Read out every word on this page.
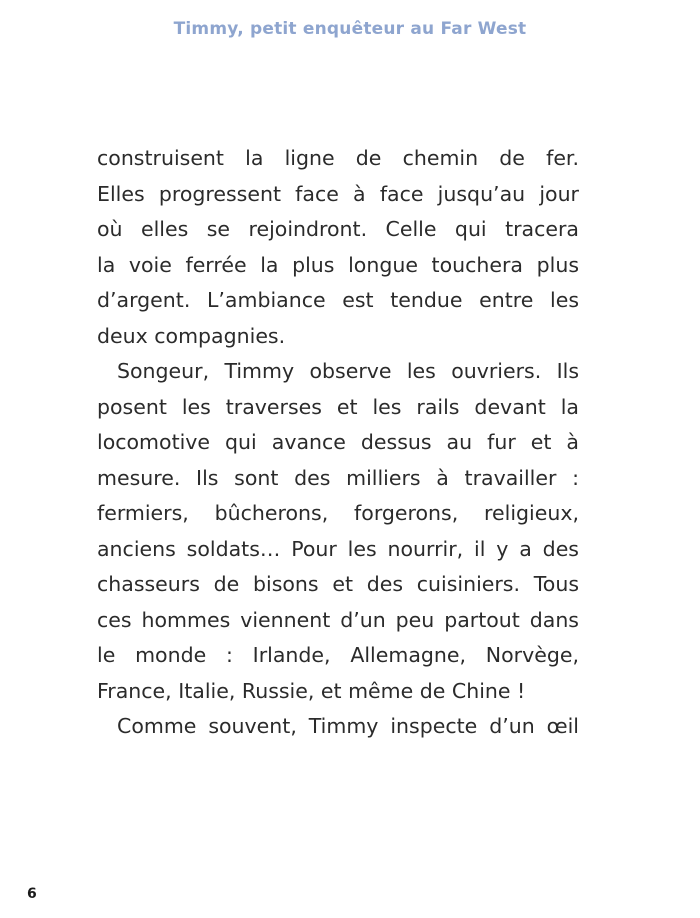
Timmy, petit enquêteur au Far West
construisent la ligne de chemin de fer.
Elles progressent face à face jusqu’au jour
où elles se rejoindront. Celle qui tracera
la voie ferrée la plus longue touchera plus
d’argent. L’ambiance est tendue entre les
deux compagnies.
Songeur, Timmy observe les ouvriers. Ils
posent les traverses et les rails devant la
locomotive qui avance dessus au fur et à
mesure. Ils sont des milliers à travailler :
fermiers, bûcherons, forgerons, religieux,
anciens soldats… Pour les nourrir, il y a des
chasseurs de bisons et des cuisiniers. Tous
ces hommes viennent d’un peu partout dans
le monde : Irlande, Allemagne, Norvège,
France, Italie, Russie, et même de Chine !
Comme souvent, Timmy inspecte d’un œil
6
